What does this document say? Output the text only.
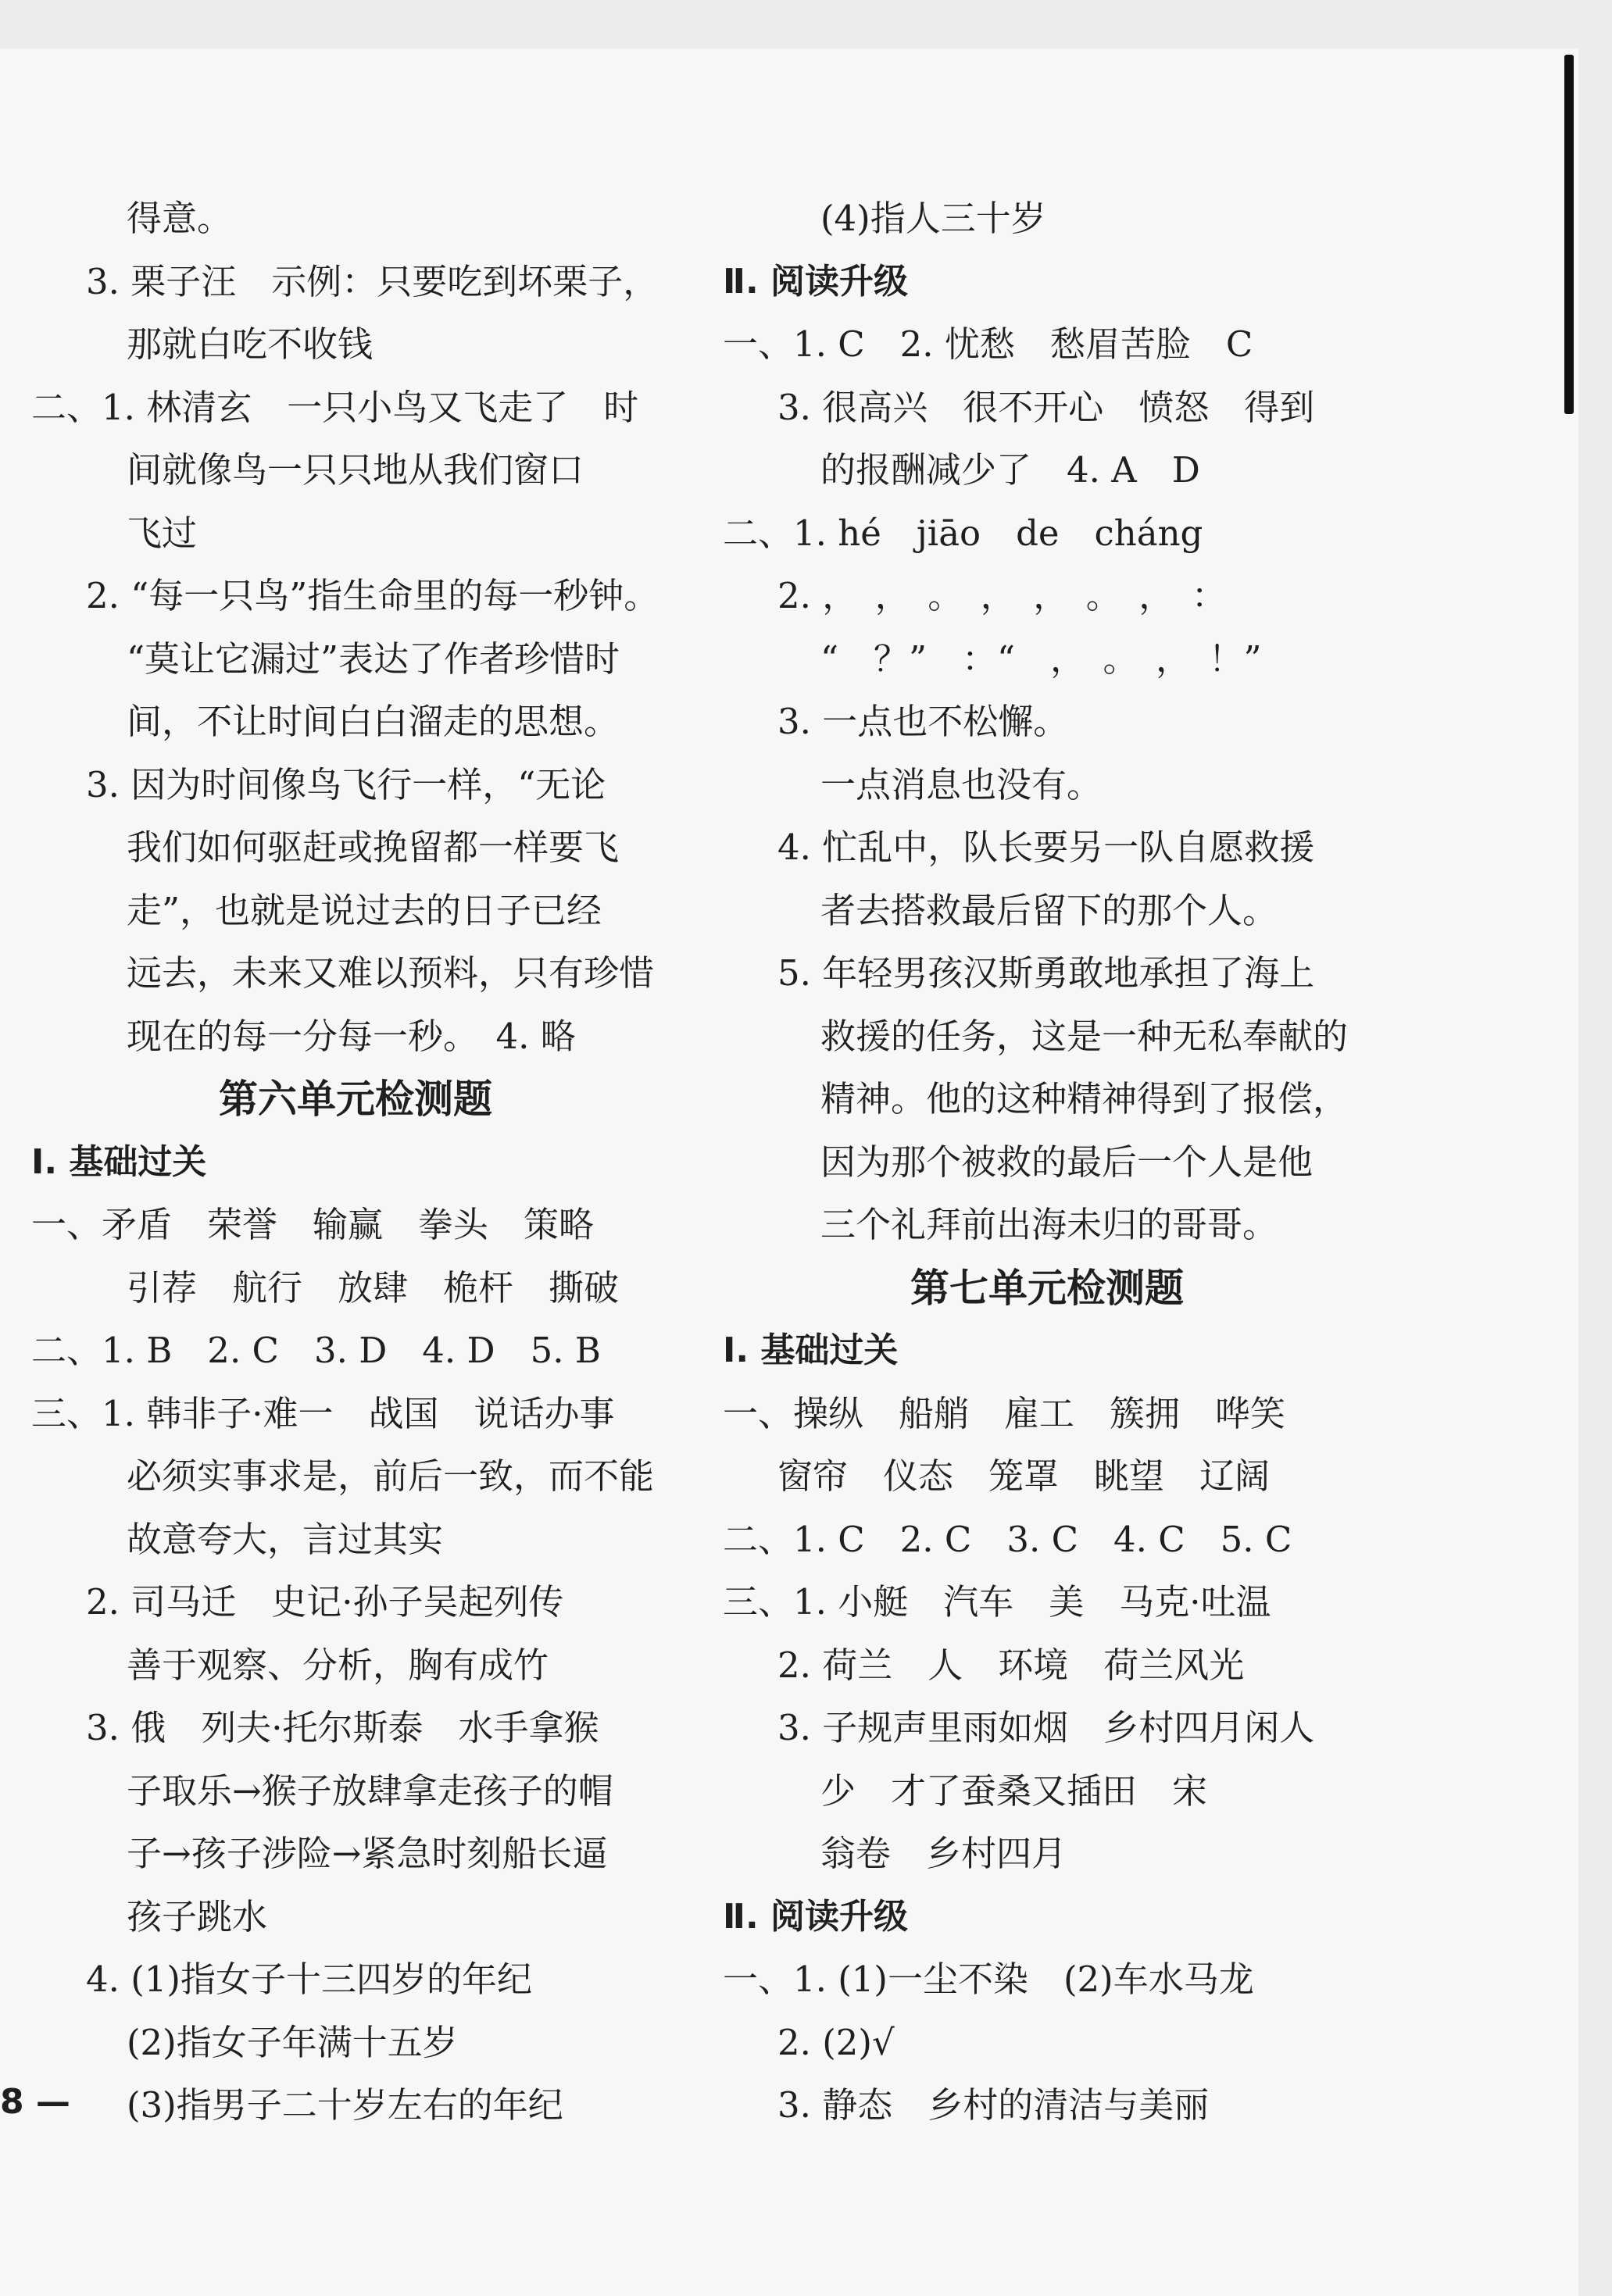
得意。
3. 栗子汪　示例：只要吃到坏栗子，
那就白吃不收钱
二、1. 林清玄　一只小鸟又飞走了　时
间就像鸟一只只地从我们窗口
飞过
2. “每一只鸟”指生命里的每一秒钟。
“莫让它漏过”表达了作者珍惜时
间，不让时间白白溜走的思想。
3. 因为时间像鸟飞行一样，“无论
我们如何驱赶或挽留都一样要飞
走”，也就是说过去的日子已经
远去，未来又难以预料，只有珍惜
现在的每一分每一秒。　4. 略
第六单元检测题
Ⅰ. 基础过关
一、矛盾　荣誉　输赢　拳头　策略
引荐　航行　放肆　桅杆　撕破
二、1. B　2. C　3. D　4. D　5. B
三、1. 韩非子·难一　战国　说话办事
必须实事求是，前后一致，而不能
故意夸大，言过其实
2. 司马迁　史记·孙子吴起列传
善于观察、分析，胸有成竹
3. 俄　列夫·托尔斯泰　水手拿猴
子取乐→猴子放肆拿走孩子的帽
子→孩子涉险→紧急时刻船长逼
孩子跳水
4. (1)指女子十三四岁的年纪
(2)指女子年满十五岁
(3)指男子二十岁左右的年纪
(4)指人三十岁
Ⅱ. 阅读升级
一、1. C　2. 忧愁　愁眉苦脸　C
3. 很高兴　很不开心　愤怒　得到
的报酬减少了　4. A　D
二、1. hé　jiāo　de　cháng
2. ，　，　。　，　，　。　，　：
“　？”　：“　，　。　，　！”
3. 一点也不松懈。
一点消息也没有。
4. 忙乱中，队长要另一队自愿救援
者去搭救最后留下的那个人。
5. 年轻男孩汉斯勇敢地承担了海上
救援的任务，这是一种无私奉献的
精神。他的这种精神得到了报偿，
因为那个被救的最后一个人是他
三个礼拜前出海未归的哥哥。
第七单元检测题
Ⅰ. 基础过关
一、操纵　船艄　雇工　簇拥　哗笑
窗帘　仪态　笼罩　眺望　辽阔
二、1. C　2. C　3. C　4. C　5. C
三、1. 小艇　汽车　美　马克·吐温
2. 荷兰　人　环境　荷兰风光
3. 子规声里雨如烟　乡村四月闲人
少　才了蚕桑又插田　宋
翁卷　乡村四月
Ⅱ. 阅读升级
一、1. (1)一尘不染　(2)车水马龙
2. (2)√
3. 静态　乡村的清洁与美丽
8 —
